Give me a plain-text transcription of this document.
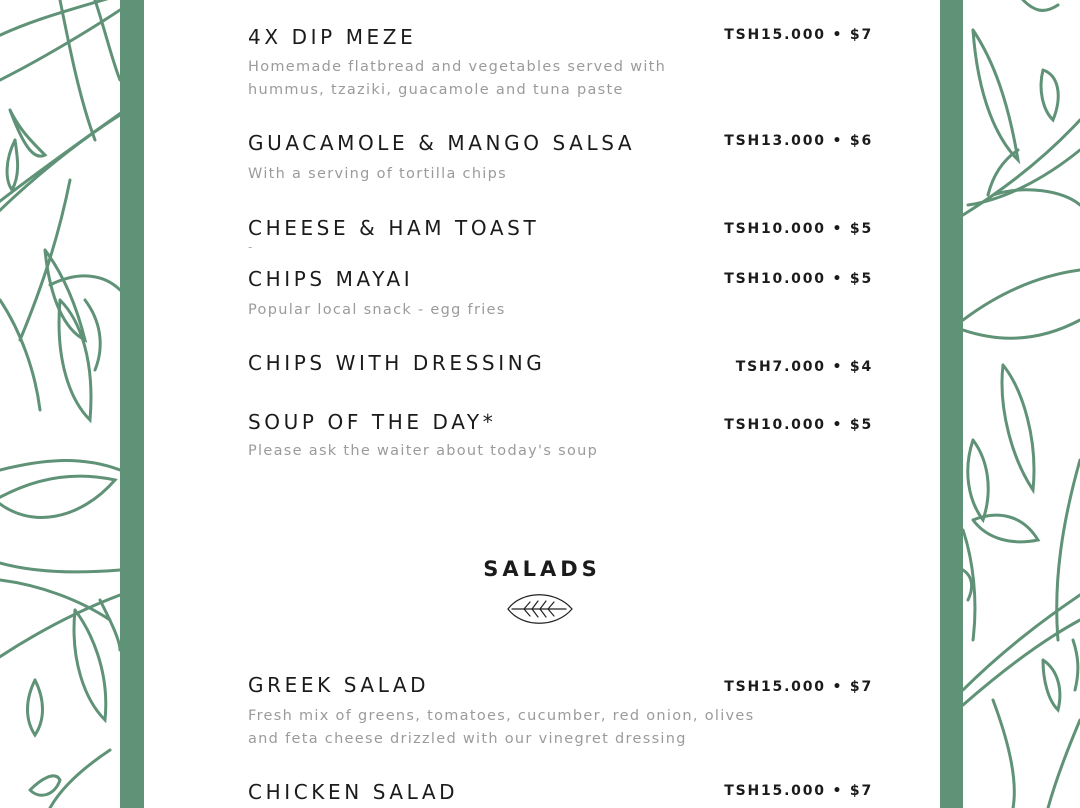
4X DIP MEZE	TSH15.000 • $7

Homemade flatbread and vegetables served with
hummus, tzaziki, guacamole and tuna paste

GUACAMOLE & MANGO SALSA	TSH13.000 • $6

With a serving of tortilla chips

CHEESE & HAM TOAST	TSH10.000 • $5
-
CHIPS MAYAI	TSH10.000 • $5

Popular local snack - egg fries

CHIPS WITH DRESSING	TSH7.000 • $4
SOUP OF THE DAY*	TSH10.000 • $5

Please ask the waiter about today's soup

SALADS
GREEK SALAD	TSH15.000 • $7

Fresh mix of greens, tomatoes, cucumber, red onion, olives
and feta cheese drizzled with our vinegret dressing

CHICKEN SALAD	TSH15.000 • $7
